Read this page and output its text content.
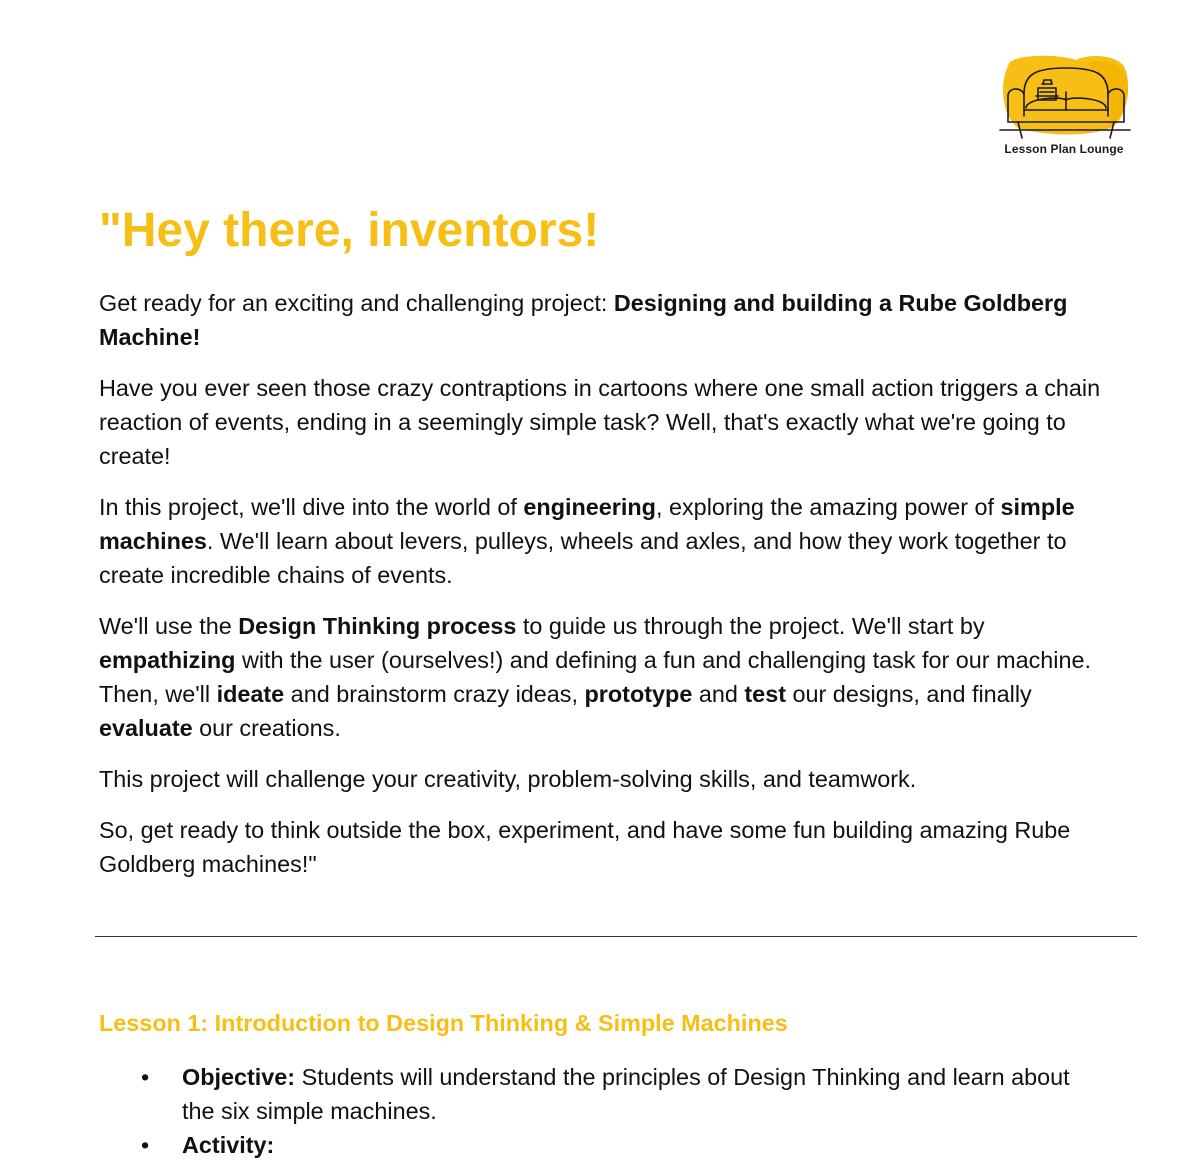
Lesson Plan Lounge
"Hey there, inventors!

Get ready for an exciting and challenging project: Designing and building a Rube Goldberg Machine!

Have you ever seen those crazy contraptions in cartoons where one small action triggers a chain reaction of events, ending in a seemingly simple task? Well, that's exactly what we're going to create!

In this project, we'll dive into the world of engineering, exploring the amazing power of simple machines. We'll learn about levers, pulleys, wheels and axles, and how they work together to create incredible chains of events.

We'll use the Design Thinking process to guide us through the project. We'll start by empathizing with the user (ourselves!) and defining a fun and challenging task for our machine. Then, we'll ideate and brainstorm crazy ideas, prototype and test our designs, and finally evaluate our creations.

This project will challenge your creativity, problem-solving skills, and teamwork.

So, get ready to think outside the box, experiment, and have some fun building amazing Rube Goldberg machines!"

Lesson 1: Introduction to Design Thinking & Simple Machines
• Objective: Students will understand the principles of Design Thinking and learn about the six simple machines.
• Activity:
